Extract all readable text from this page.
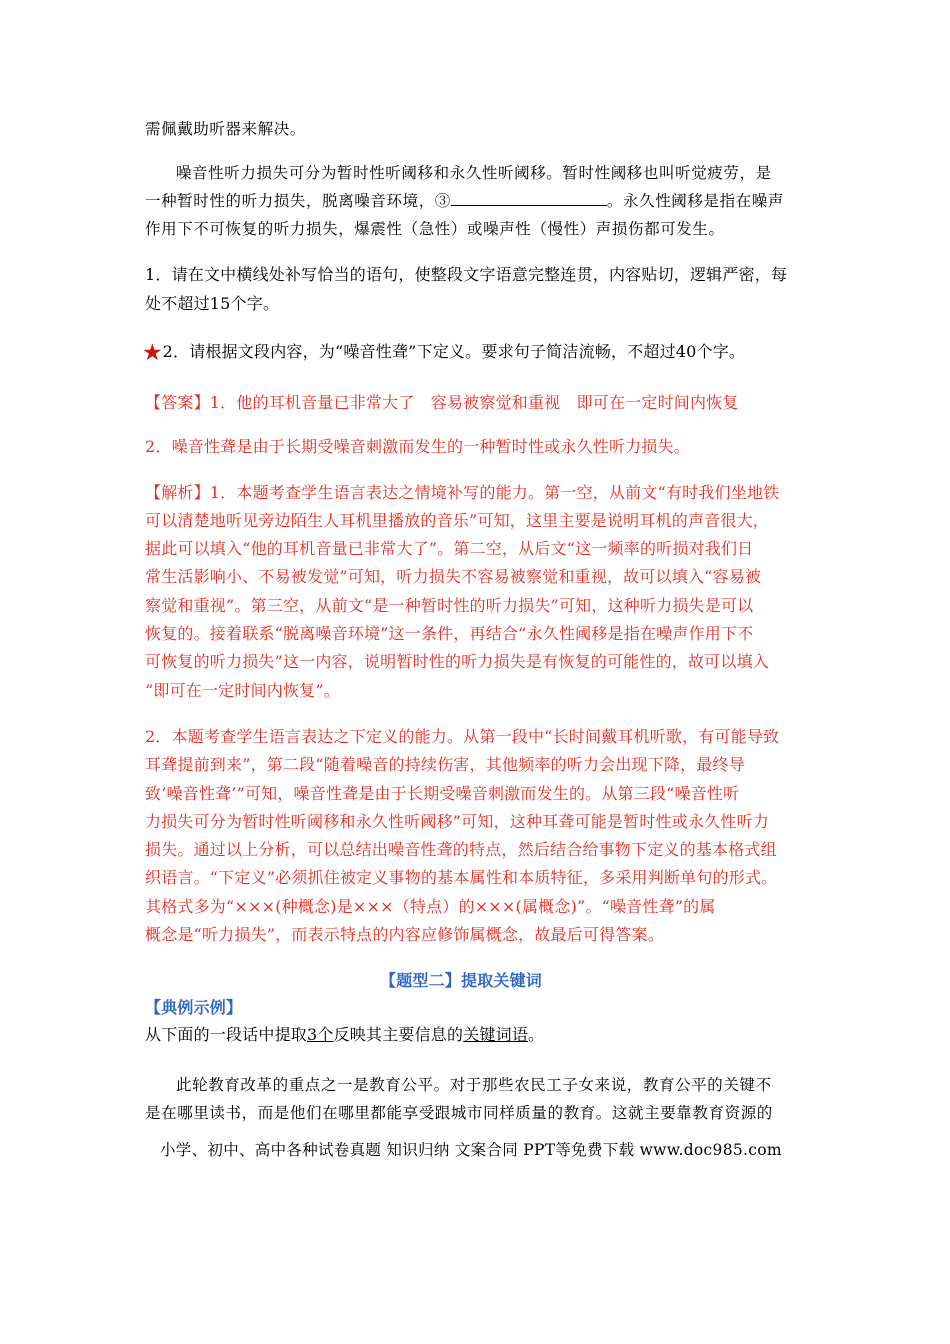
需佩戴助听器来解决。
噪音性听力损失可分为暂时性听阈移和永久性听阈移。暂时性阈移也叫听觉疲劳，是
一种暂时性的听力损失，脱离噪音环境，③	。永久性阈移是指在噪声
作用下不可恢复的听力损失，爆震性（急性）或噪声性（慢性）声损伤都可发生。
1．请在文中横线处补写恰当的语句，使整段文字语意完整连贯，内容贴切，逻辑严密，每
处不超过15个字。
★2．请根据文段内容，为“噪音性聋”下定义。要求句子简洁流畅，不超过40个字。
【答案】1．他的耳机音量已非常大了　容易被察觉和重视　即可在一定时间内恢复
2．噪音性聋是由于长期受噪音刺激而发生的一种暂时性或永久性听力损失。
【解析】1．本题考查学生语言表达之情境补写的能力。第一空，从前文“有时我们坐地铁
可以清楚地听见旁边陌生人耳机里播放的音乐”可知，这里主要是说明耳机的声音很大，
据此可以填入“他的耳机音量已非常大了”。第二空，从后文“这一频率的听损对我们日
常生活影响小、不易被发觉”可知，听力损失不容易被察觉和重视，故可以填入“容易被
察觉和重视”。第三空，从前文“是一种暂时性的听力损失”可知，这种听力损失是可以
恢复的。接着联系“脱离噪音环境”这一条件，再结合“永久性阈移是指在噪声作用下不
可恢复的听力损失”这一内容，说明暂时性的听力损失是有恢复的可能性的，故可以填入
“即可在一定时间内恢复”。
2．本题考查学生语言表达之下定义的能力。从第一段中“长时间戴耳机听歌，有可能导致
耳聋提前到来”，第二段“随着噪音的持续伤害，其他频率的听力会出现下降，最终导
致‘噪音性聋’”可知，噪音性聋是由于长期受噪音刺激而发生的。从第三段“噪音性听
力损失可分为暂时性听阈移和永久性听阈移”可知，这种耳聋可能是暂时性或永久性听力
损失。通过以上分析，可以总结出噪音性聋的特点，然后结合给事物下定义的基本格式组
织语言。“下定义”必须抓住被定义事物的基本属性和本质特征，多采用判断单句的形式。
其格式多为“×××(种概念)是×××（特点）的×××(属概念)”。“噪音性聋”的属
概念是“听力损失”，而表示特点的内容应修饰属概念，故最后可得答案。
【题型二】提取关键词
【典例示例】
从下面的一段话中提取3个反映其主要信息的关键词语。
此轮教育改革的重点之一是教育公平。对于那些农民工子女来说，教育公平的关键不
是在哪里读书，而是他们在哪里都能享受跟城市同样质量的教育。这就主要靠教育资源的
小学、初中、高中各种试卷真题 知识归纳 文案合同 PPT等免费下载 www.doc985.com
